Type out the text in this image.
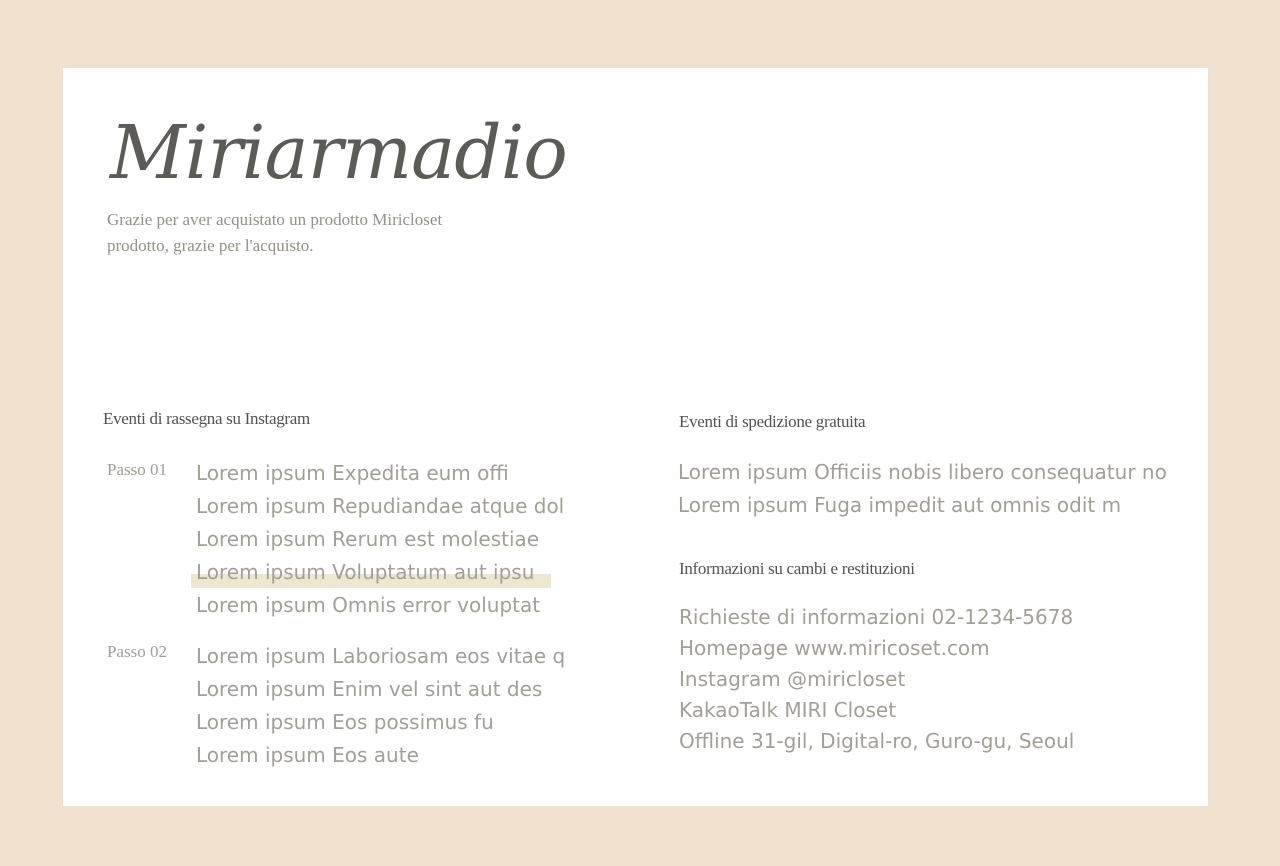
Miriarmadio
Grazie per aver acquistato un prodotto Miricloset
prodotto, grazie per l'acquisto.
Eventi di rassegna su Instagram
Passo 01 Lorem ipsum Expedita eum offi
Lorem ipsum Repudiandae atque dol
Lorem ipsum Rerum est molestiae
Lorem ipsum Voluptatum aut ipsu
Lorem ipsum Omnis error voluptat
Passo 02 Lorem ipsum Laboriosam eos vitae q
Lorem ipsum Enim vel sint aut des
Lorem ipsum Eos possimus fu
Lorem ipsum Eos aute
Eventi di spedizione gratuita
Lorem ipsum Officiis nobis libero consequatur no
Lorem ipsum Fuga impedit aut omnis odit m
Informazioni su cambi e restituzioni
Richieste di informazioni 02-1234-5678
Homepage www.miricoset.com
Instagram @miricloset
KakaoTalk MIRI Closet
Offline 31-gil, Digital-ro, Guro-gu, Seoul
